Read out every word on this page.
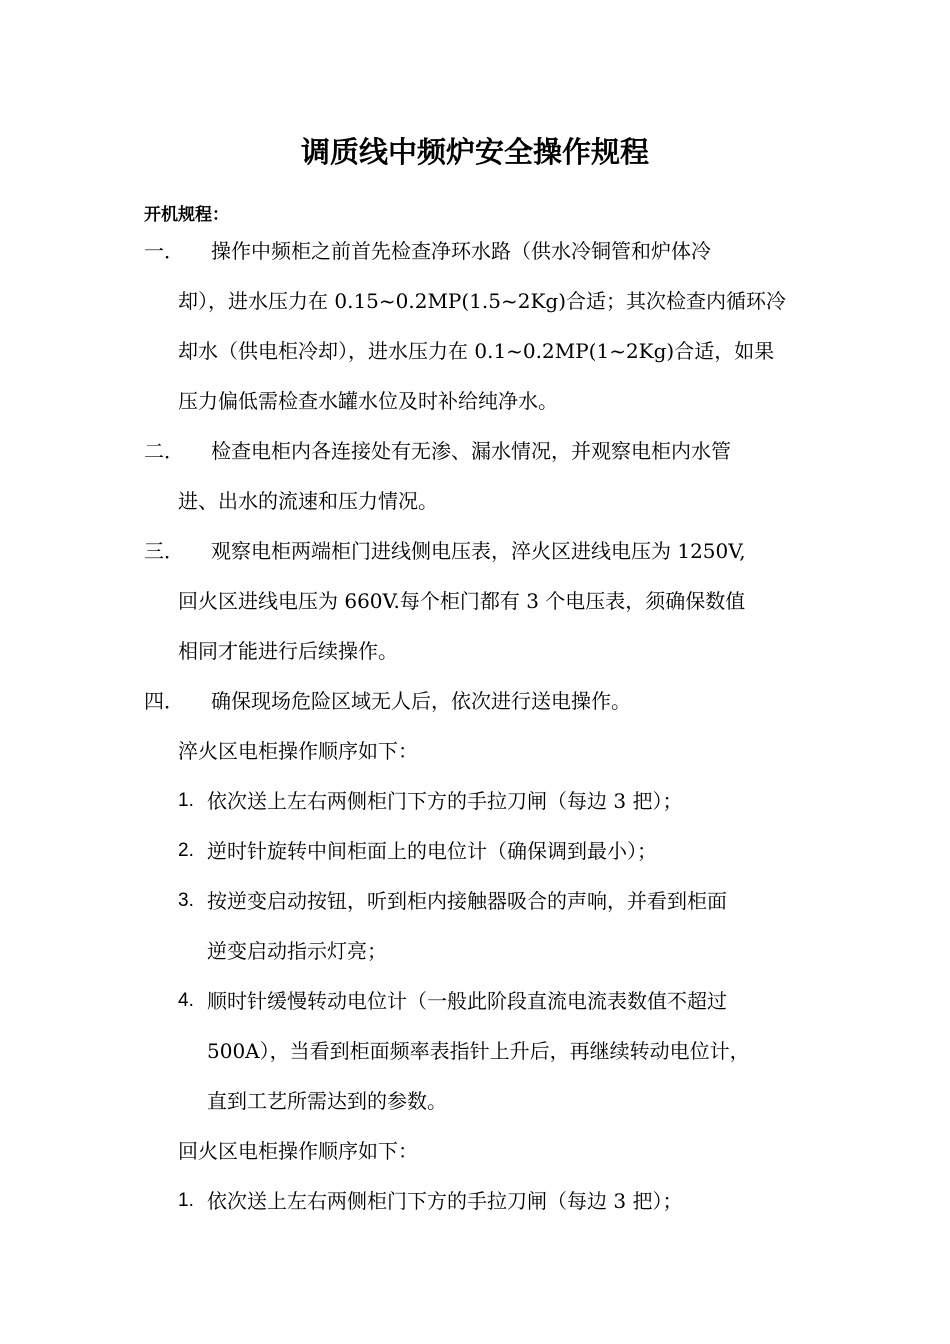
调质线中频炉安全操作规程
开机规程：
一． 操作中频柜之前首先检查净环水路（供水冷铜管和炉体冷
却），进水压力在 0.15~0.2MP(1.5~2Kg)合适；其次检查内循环冷
却水（供电柜冷却），进水压力在 0.1~0.2MP(1~2Kg)合适，如果
压力偏低需检查水罐水位及时补给纯净水。
二． 检查电柜内各连接处有无渗、漏水情况，并观察电柜内水管
进、出水的流速和压力情况。
三． 观察电柜两端柜门进线侧电压表，淬火区进线电压为 1250V,
回火区进线电压为 660V.每个柜门都有 3 个电压表，须确保数值
相同才能进行后续操作。
四． 确保现场危险区域无人后，依次进行送电操作。
淬火区电柜操作顺序如下：
1. 依次送上左右两侧柜门下方的手拉刀闸（每边 3 把）；
2. 逆时针旋转中间柜面上的电位计（确保调到最小）；
3. 按逆变启动按钮，听到柜内接触器吸合的声响，并看到柜面
逆变启动指示灯亮；
4. 顺时针缓慢转动电位计（一般此阶段直流电流表数值不超过
500A），当看到柜面频率表指针上升后，再继续转动电位计，
直到工艺所需达到的参数。
回火区电柜操作顺序如下：
1. 依次送上左右两侧柜门下方的手拉刀闸（每边 3 把）；
